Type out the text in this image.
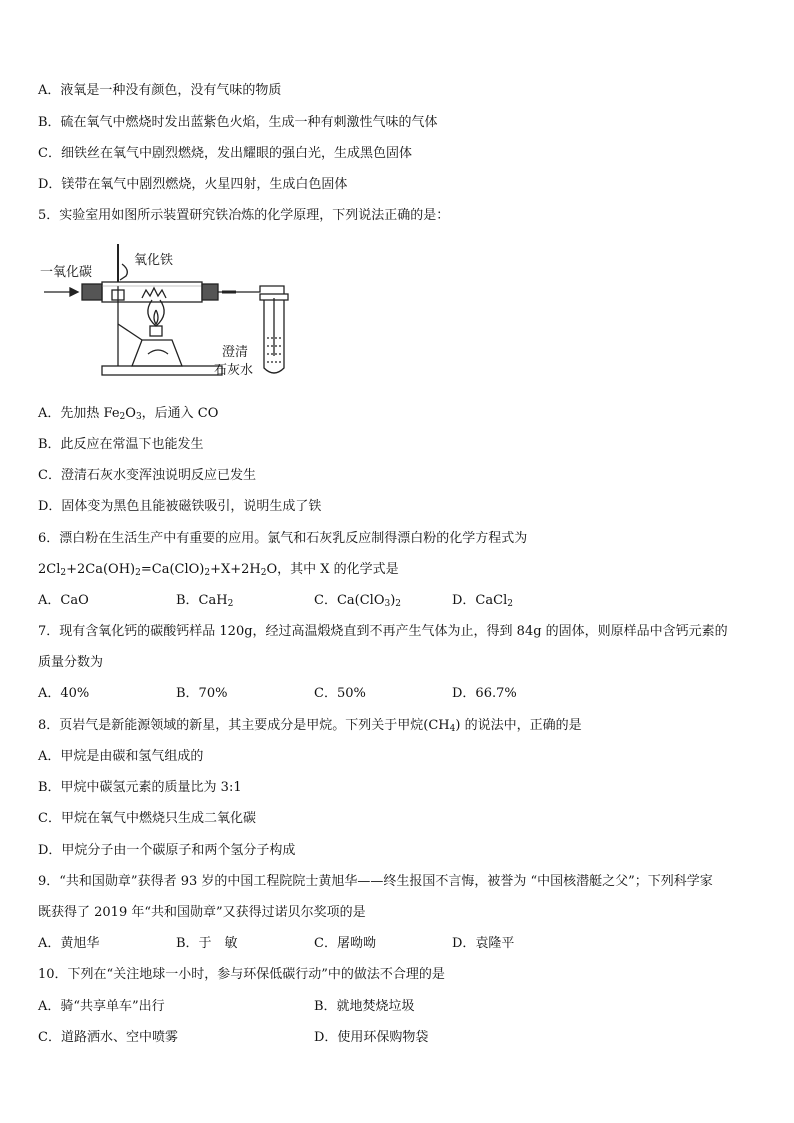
A．液氧是一种没有颜色，没有气味的物质
B．硫在氧气中燃烧时发出蓝紫色火焰，生成一种有刺激性气味的气体
C．细铁丝在氧气中剧烈燃烧，发出耀眼的强白光，生成黑色固体
D．镁带在氧气中剧烈燃烧，火星四射，生成白色固体
5．实验室用如图所示装置研究铁冶炼的化学原理，下列说法正确的是：
一氧化碳
氧化铁
澄清
石灰水
A．先加热 $Fe_2O_3$，后通入 CO
B．此反应在常温下也能发生
C．澄清石灰水变浑浊说明反应已发生
D．固体变为黑色且能被磁铁吸引，说明生成了铁
6．漂白粉在生活生产中有重要的应用。氯气和石灰乳反应制得漂白粉的化学方程式为
$2Cl_2+2Ca(OH)_2=Ca(ClO)_2+X+2H_2O$，其中 X 的化学式是
A．CaO	B．CaH$_2$	C．$Ca(ClO_3)_2$	D．CaCl$_2$
7．现有含氧化钙的碳酸钙样品 120g，经过高温煅烧直到不再产生气体为止，得到 84g 的固体，则原样品中含钙元素的
质量分数为
A．40%	B．70%	C．50%	D．66.7%
8．页岩气是新能源领域的新星，其主要成分是甲烷。下列关于甲烷$(CH_4)$ 的说法中，正确的是
A．甲烷是由碳和氢气组成的
B．甲烷中碳氢元素的质量比为 3:1
C．甲烷在氧气中燃烧只生成二氧化碳
D．甲烷分子由一个碳原子和两个氢分子构成
9．“共和国勋章”获得者 93 岁的中国工程院院士黄旭华——终生报国不言悔，被誉为 “中国核潜艇之父”；下列科学家
既获得了 2019 年“共和国勋章”又获得过诺贝尔奖项的是
A．黄旭华	B．于　敏	C．屠呦呦	D．袁隆平
10．下列在“关注地球一小时，参与环保低碳行动”中的做法不合理的是
A．骑“共享单车”出行	B．就地焚烧垃圾
C．道路洒水、空中喷雾	D．使用环保购物袋
